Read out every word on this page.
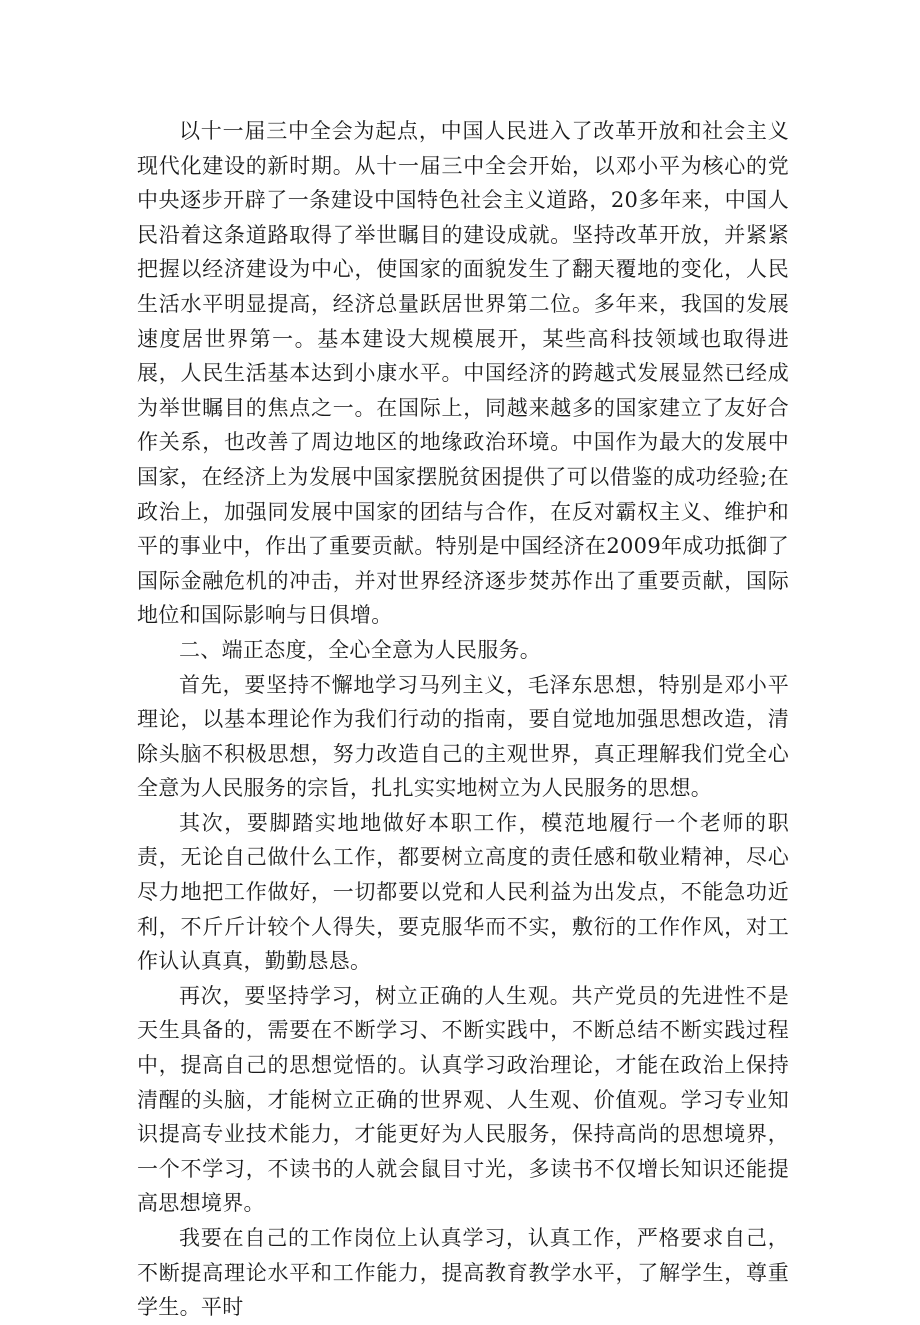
以十一届三中全会为起点，中国人民进入了改革开放和社会主义现代化建设的新时期。从十一届三中全会开始，以邓小平为核心的党中央逐步开辟了一条建设中国特色社会主义道路，20多年来，中国人民沿着这条道路取得了举世瞩目的建设成就。坚持改革开放，并紧紧把握以经济建设为中心，使国家的面貌发生了翻天覆地的变化，人民生活水平明显提高，经济总量跃居世界第二位。多年来，我国的发展速度居世界第一。基本建设大规模展开，某些高科技领域也取得进展，人民生活基本达到小康水平。中国经济的跨越式发展显然已经成为举世瞩目的焦点之一。在国际上，同越来越多的国家建立了友好合作关系，也改善了周边地区的地缘政治环境。中国作为最大的发展中国家，在经济上为发展中国家摆脱贫困提供了可以借鉴的成功经验;在政治上，加强同发展中国家的团结与合作，在反对霸权主义、维护和平的事业中，作出了重要贡献。特别是中国经济在2009年成功抵御了国际金融危机的冲击，并对世界经济逐步焚苏作出了重要贡献，国际地位和国际影响与日俱增。

二、端正态度，全心全意为人民服务。

首先，要坚持不懈地学习马列主义，毛泽东思想，特别是邓小平理论，以基本理论作为我们行动的指南，要自觉地加强思想改造，清除头脑不积极思想，努力改造自己的主观世界，真正理解我们党全心全意为人民服务的宗旨，扎扎实实地树立为人民服务的思想。

其次，要脚踏实地地做好本职工作，模范地履行一个老师的职责，无论自己做什么工作，都要树立高度的责任感和敬业精神，尽心尽力地把工作做好，一切都要以党和人民利益为出发点，不能急功近利，不斤斤计较个人得失，要克服华而不实，敷衍的工作作风，对工作认认真真，勤勤恳恳。

再次，要坚持学习，树立正确的人生观。共产党员的先进性不是天生具备的，需要在不断学习、不断实践中，不断总结不断实践过程中，提高自己的思想觉悟的。认真学习政治理论，才能在政治上保持清醒的头脑，才能树立正确的世界观、人生观、价值观。学习专业知识提高专业技术能力，才能更好为人民服务，保持高尚的思想境界，一个不学习，不读书的人就会鼠目寸光，多读书不仅增长知识还能提高思想境界。

我要在自己的工作岗位上认真学习，认真工作，严格要求自己，不断提高理论水平和工作能力，提高教育教学水平，了解学生，尊重学生。平时
